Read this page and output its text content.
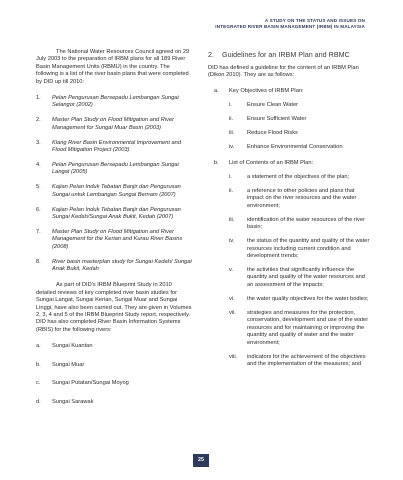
A STUDY ON THE STATUS AND ISSUES ON
INTEGRATED RIVER BASIN MANAGEMENT (IRBM) IN MALAYSIA

The National Water Resources Council agreed on 29 July 2003 to the preparation of IRBM plans for all 189 River Basin Management Units (RBMU) in the country. The following is a list of the river basin plans that were completed by DID up till 2010:

1. Pelan Pengurusan Bersepadu Lembangan Sungai Selangor (2002)
2. Master Plan Study on Flood Mitigation and River Management for Sungai Muar Basin (2003)
3. Klang River Basin Environmental Improvement and Flood Mitigation Project (2003)
4. Pelan Pengurusan Bersepadu Lembangan Sungai Langat (2005)
5. Kajian Pelan Induk Tebatan Banjir dan Pengurusan Sungai untuk Lembangan Sungai Bernam (2007)
6. Kajian Pelan Induk Tebatan Banjir dan Pengurusan Sungai Kedah/Sungai Anak Bukit, Kedah (2007)
7. Master Plan Study on Flood Mitigation and River Management for the Kerian and Kurau River Basins (2008)
8. River basin masterplan study for Sungai Kedah/ Sungai Anak Bukit, Kedah

As part of DID's IRBM Blueprint Study in 2010 detailed reviews of key completed river basin studies for Sungai Langat, Sungai Kerian, Sungai Muar and Sungai Linggi, have also been carried out. They are given in Volumes 2, 3, 4 and 5 of the IRBM Blueprint Study report, respectively. DID has also completed River Basin Information Systems (RBIS) for the following rivers:

a. Sungai Kuantan
b. Sungai Muar
c. Sungai Putatan/Sungai Moyog
d. Sungai Sarawak
2. Guidelines for an IRBM Plan and RBMC

DID has defined a guideline for the content of an IRBM Plan (Dikon 2010). They are as follows:

a. Key Objectives of IRBM Plan:
i.	Ensure Clean Water
ii. Ensure Sufficient Water
iii. Reduce Flood Risks
iv. Enhance Environmental Conservation
b. List of Contents of an IRBM Plan:
i.	a statement of the objectives of the plan;
ii. a reference to other policies and plans that impact on the river resources and the water environment;
iii. identification of the water resources of the river basin;
iv. the status of the quantity and quality of the water resources including current condition and development trends;
v. the activities that significantly influence the quantity and quality of the water resources and an assessment of the impacts;
vi. the water quality objectives for the water bodies;
vii. strategies and measures for the protection, conservation, development and use of the water resources and for maintaining or improving the quantity and quality of water and the water environment;
viii. indicators for the achievement of the objectives and the implementation of the measures; and
25
